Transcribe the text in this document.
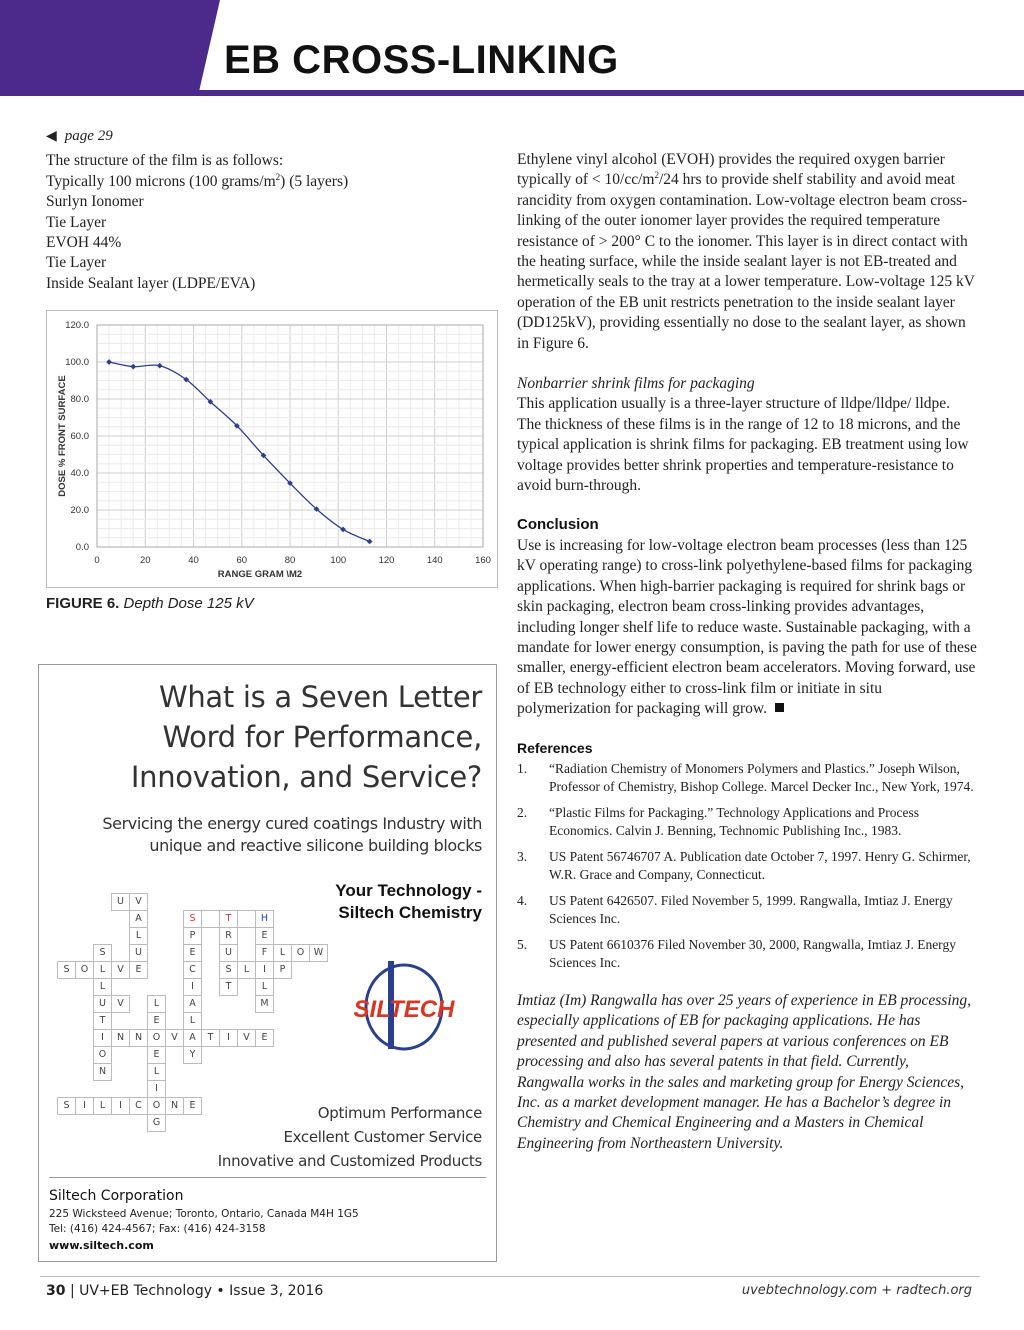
EB CROSS-LINKING
◀ page 29
The structure of the film is as follows:
Typically 100 microns (100 grams/$m^2$) (5 layers)
Surlyn Ionomer
Tie Layer
EVOH 44%
Tie Layer
Inside Sealant layer (LDPE/EVA)
0	20	40	60	80	100	120	140	160
0.0
20.0
40.0
60.0
80.0
100.0
120.0
RANGE GRAM \M2
DOSE % FRONT SURFACE
FIGURE 6. Depth Dose 125 kV
What is a Seven Letter
Word for Performance,
Innovation, and Service?
Servicing the energy cured coatings Industry with
unique and reactive silicone building blocks
Your Technology -
Siltech Chemistry
U	V
A	S	T	H
L	P	R	E
S	U	E	U	F	L	O	W
S	O	L	V	E	C	S	L	I	P
L	I	T	L
U	V	L	A	M
T	E	L
I	N	N	O	V	A	T	I	V	E
O	E	Y
N	L
I
S	I	L	I	C	O	N	E
G
SILTECH
Optimum Performance
Excellent Customer Service
Innovative and Customized Products
Siltech Corporation
225 Wicksteed Avenue; Toronto, Ontario, Canada M4H 1G5
Tel: (416) 424-4567; Fax: (416) 424-3158
www.siltech.com
Ethylene vinyl alcohol (EVOH) provides the required oxygen barrier typically of < $10/cc/m^2/24$ hrs to provide shelf stability and avoid meat rancidity from oxygen contamination. Low-voltage electron beam cross-linking of the outer ionomer layer provides the required temperature resistance of > 200° C to the ionomer. This layer is in direct contact with the heating surface, while the inside sealant layer is not EB-treated and hermetically seals to the tray at a lower temperature. Low-voltage 125 kV operation of the EB unit restricts penetration to the inside sealant layer (DD125kV), providing essentially no dose to the sealant layer, as shown in Figure 6.
Nonbarrier shrink films for packaging
This application usually is a three-layer structure of lldpe/lldpe/ lldpe. The thickness of these films is in the range of 12 to 18 microns, and the typical application is shrink films for packaging. EB treatment using low voltage provides better shrink properties and temperature-resistance to avoid burn-through.
Conclusion
Use is increasing for low-voltage electron beam processes (less than 125 kV operating range) to cross-link polyethylene-based films for packaging applications. When high-barrier packaging is required for shrink bags or skin packaging, electron beam cross-linking provides advantages, including longer shelf life to reduce waste. Sustainable packaging, with a mandate for lower energy consumption, is paving the path for use of these smaller, energy-efficient electron beam accelerators. Moving forward, use of EB technology either to cross-link film or initiate in situ polymerization for packaging will grow.
References
1. “Radiation Chemistry of Monomers Polymers and Plastics.” Joseph Wilson, Professor of Chemistry, Bishop College. Marcel Decker Inc., New York, 1974.
2. “Plastic Films for Packaging.” Technology Applications and Process Economics. Calvin J. Benning, Technomic Publishing Inc., 1983.
3. US Patent 56746707 A. Publication date October 7, 1997. Henry G. Schirmer, W.R. Grace and Company, Connecticut.
4. US Patent 6426507. Filed November 5, 1999. Rangwalla, Imtiaz J. Energy Sciences Inc.
5. US Patent 6610376 Filed November 30, 2000, Rangwalla, Imtiaz J. Energy Sciences Inc.
Imtiaz (Im) Rangwalla has over 25 years of experience in EB processing, especially applications of EB for packaging applications. He has presented and published several papers at various conferences on EB processing and also has several patents in that field. Currently, Rangwalla works in the sales and marketing group for Energy Sciences, Inc. as a market development manager. He has a Bachelor’s degree in Chemistry and Chemical Engineering and a Masters in Chemical Engineering from Northeastern University.
30 | UV+EB Technology • Issue 3, 2016	uvebtechnology.com + radtech.org
